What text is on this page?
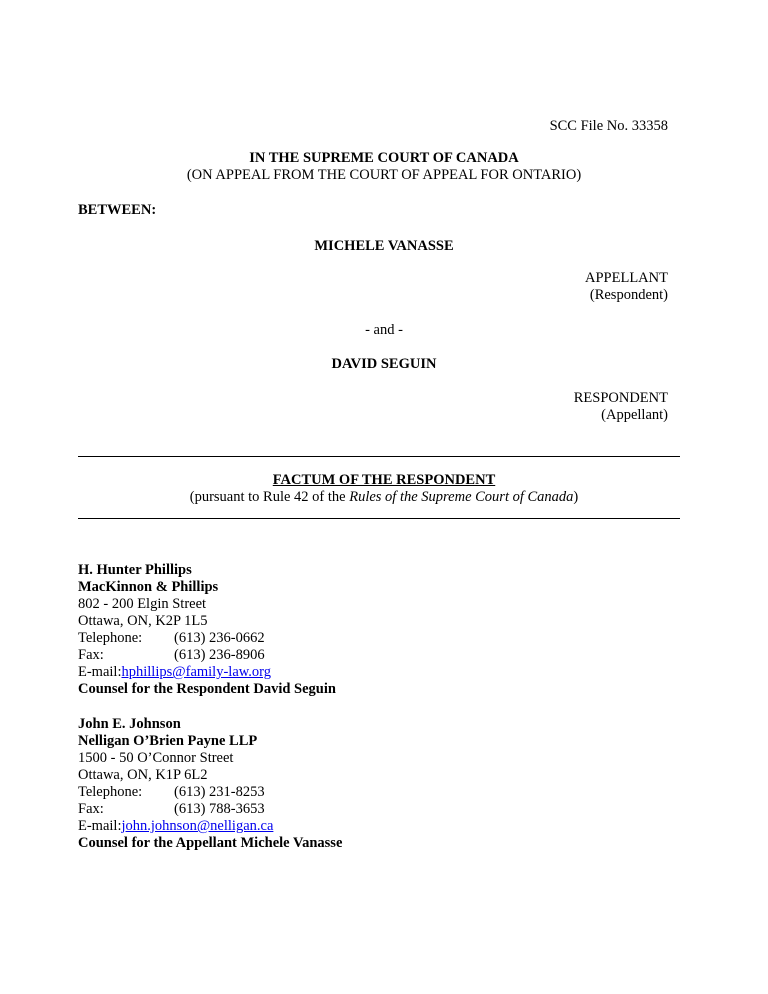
SCC File No. 33358
IN THE SUPREME COURT OF CANADA
(ON APPEAL FROM THE COURT OF APPEAL FOR ONTARIO)
BETWEEN:
MICHELE VANASSE
APPELLANT
(Respondent)
- and -
DAVID SEGUIN
RESPONDENT
(Appellant)
FACTUM OF THE RESPONDENT
(pursuant to Rule 42 of the Rules of the Supreme Court of Canada)
H. Hunter Phillips
MacKinnon & Phillips
802 - 200 Elgin Street
Ottawa, ON, K2P 1L5
Telephone: (613) 236-0662
Fax:	(613) 236-8906
E-mail:hphillips@family-law.org
Counsel for the Respondent David Seguin
John E. Johnson
Nelligan O’Brien Payne LLP
1500 - 50 O’Connor Street
Ottawa, ON, K1P 6L2
Telephone: (613) 231-8253
Fax:	(613) 788-3653
E-mail:john.johnson@nelligan.ca
Counsel for the Appellant Michele Vanasse
